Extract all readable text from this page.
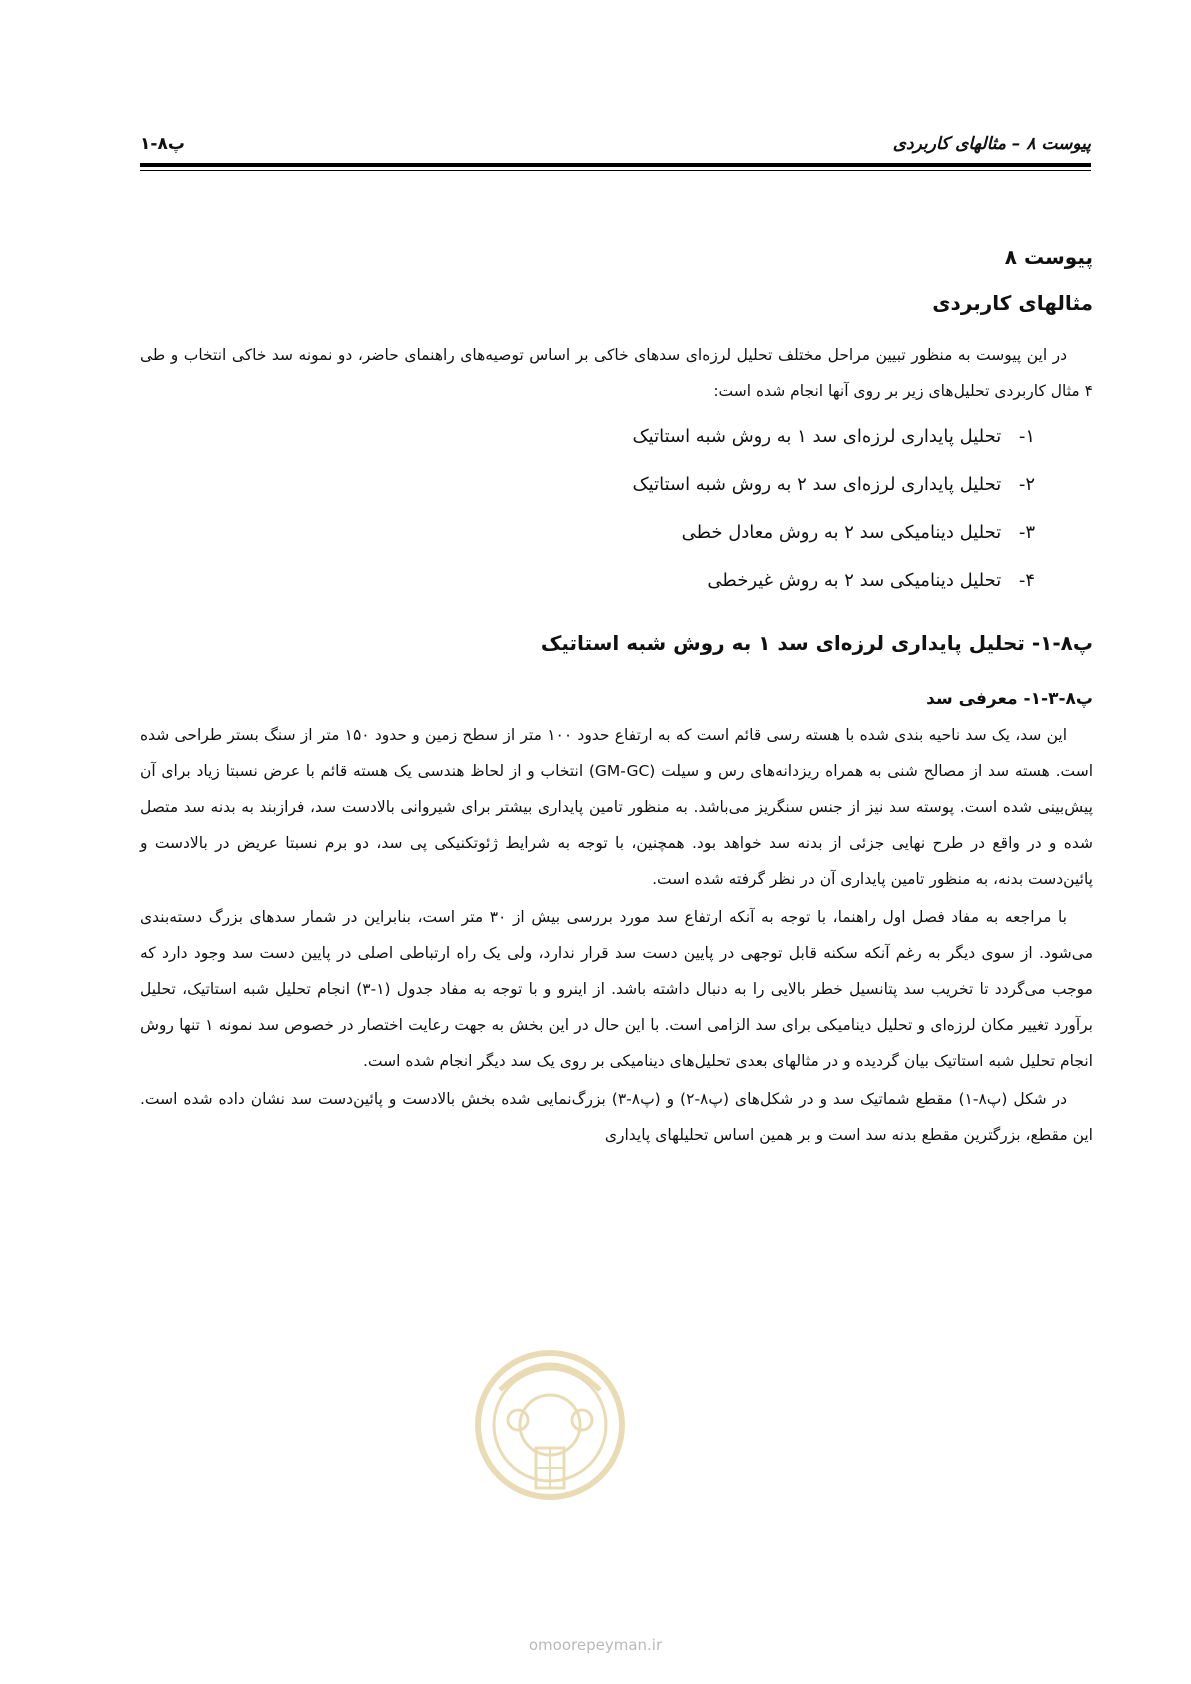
پیوست ۸ – مثالهای کاربردی
پ۸-۱
پیوست ۸
مثالهای کاربردی

در این پیوست به منظور تبیین مراحل مختلف تحلیل لرزه‌ای سدهای خاکی بر اساس توصیه‌های راهنمای حاضر، دو نمونه سد خاکی انتخاب و طی ۴ مثال کاربردی تحلیل‌های زیر بر روی آنها انجام شده است:

۱- تحلیل پایداری لرزه‌ای سد ۱ به روش شبه استاتیک
۲- تحلیل پایداری لرزه‌ای سد ۲ به روش شبه استاتیک
۳- تحلیل دینامیکی سد ۲ به روش معادل خطی
۴- تحلیل دینامیکی سد ۲ به روش غیرخطی
پ۸-۱- تحلیل پایداری لرزه‌ای سد ۱ به روش شبه استاتیک
پ۸-۳-۱- معرفی سد

این سد، یک سد ناحیه بندی شده با هسته رسی قائم است که به ارتفاع حدود ۱۰۰ متر از سطح زمین و حدود ۱۵۰ متر از سنگ بستر طراحی شده است. هسته سد از مصالح شنی به همراه ریزدانه‌های رس و سیلت (GM-GC) انتخاب و از لحاظ هندسی یک هسته قائم با عرض نسبتا زیاد برای آن پیش‌بینی شده است. پوسته سد نیز از جنس سنگریز می‌باشد. به منظور تامین پایداری بیشتر برای شیروانی بالادست سد، فرازبند به بدنه سد متصل شده و در واقع در طرح نهایی جزئی از بدنه سد خواهد بود. همچنین، با توجه به شرایط ژئوتکنیکی پی سد، دو برم نسبتا عریض در بالادست و پائین‌دست بدنه، به منظور تامین پایداری آن در نظر گرفته شده است.

با مراجعه به مفاد فصل اول راهنما، با توجه به آنکه ارتفاع سد مورد بررسی بیش از ۳۰ متر است، بنابراین در شمار سدهای بزرگ دسته‌بندی می‌شود. از سوی دیگر به رغم آنکه سکنه قابل توجهی در پایین دست سد قرار ندارد، ولی یک راه ارتباطی اصلی در پایین دست سد وجود دارد که موجب می‌گردد تا تخریب سد پتانسیل خطر بالایی را به دنبال داشته باشد. از اینرو و با توجه به مفاد جدول (۱-۳) انجام تحلیل شبه استاتیک، تحلیل برآورد تغییر مکان لرزه‌ای و تحلیل دینامیکی برای سد الزامی است. با این حال در این بخش به جهت رعایت اختصار در خصوص سد نمونه ۱ تنها روش انجام تحلیل شبه استاتیک بیان گردیده و در مثالهای بعدی تحلیل‌های دینامیکی بر روی یک سد دیگر انجام شده است.

در شکل (پ۸-۱) مقطع شماتیک سد و در شکل‌های (پ۸-۲) و (پ۸-۳) بزرگ‌نمایی شده بخش بالادست و پائین‌دست سد نشان داده شده است. این مقطع، بزرگترین مقطع بدنه سد است و بر همین اساس تحلیلهای پایداری

omoorepeyman.ir
